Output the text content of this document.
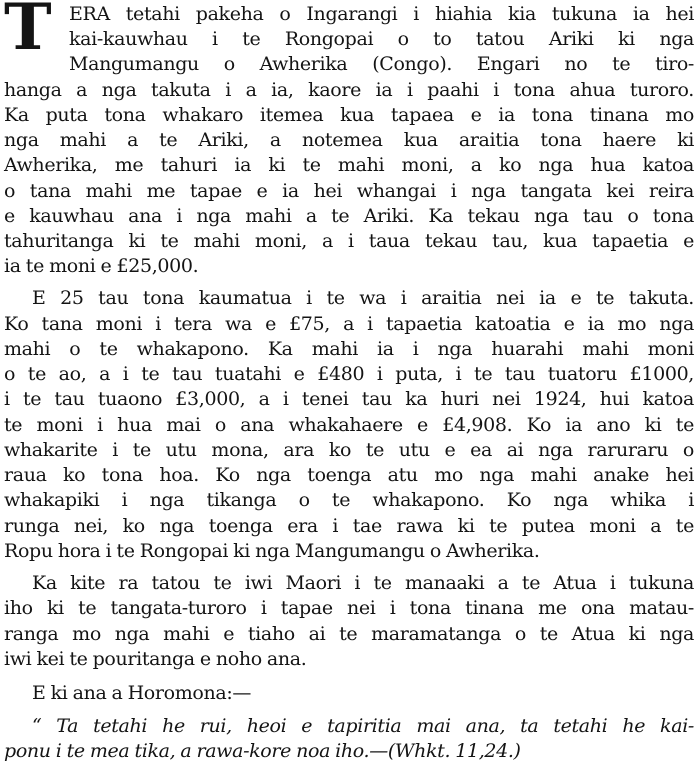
T ERA tetahi pakeha o Ingarangi i hiahia kia tukuna ia hei
kai-kauwhau i te Rongopai o to tatou Ariki ki nga
Mangumangu o Awherika (Congo). Engari no te tiro-
hanga a nga takuta i a ia, kaore ia i paahi i tona ahua turoro.
Ka puta tona whakaro itemea kua tapaea e ia tona tinana mo
nga mahi a te Ariki, a notemea kua araitia tona haere ki
Awherika, me tahuri ia ki te mahi moni, a ko nga hua katoa
o tana mahi me tapae e ia hei whangai i nga tangata kei reira
e kauwhau ana i nga mahi a te Ariki. Ka tekau nga tau o tona
tahuritanga ki te mahi moni, a i taua tekau tau, kua tapaetia e
ia te moni e £25,000.
E 25 tau tona kaumatua i te wa i araitia nei ia e te takuta.
Ko tana moni i tera wa e £75, a i tapaetia katoatia e ia mo nga
mahi o te whakapono. Ka mahi ia i nga huarahi mahi moni
o te ao, a i te tau tuatahi e £480 i puta, i te tau tuatoru £1000,
i te tau tuaono £3,000, a i tenei tau ka huri nei 1924, hui katoa
te moni i hua mai o ana whakahaere e £4,908. Ko ia ano ki te
whakarite i te utu mona, ara ko te utu e ea ai nga raruraru o
raua ko tona hoa. Ko nga toenga atu mo nga mahi anake hei
whakapiki i nga tikanga o te whakapono. Ko nga whika i
runga nei, ko nga toenga era i tae rawa ki te putea moni a te
Ropu hora i te Rongopai ki nga Mangumangu o Awherika.
Ka kite ra tatou te iwi Maori i te manaaki a te Atua i tukuna
iho ki te tangata-turoro i tapae nei i tona tinana me ona matau-
ranga mo nga mahi e tiaho ai te maramatanga o te Atua ki nga
iwi kei te pouritanga e noho ana.
E ki ana a Horomona:—
“ Ta tetahi he rui, heoi e tapiritia mai ana, ta tetahi he kai-
ponu i te mea tika, a rawa-kore noa iho.—(Whkt. 11,24.)
